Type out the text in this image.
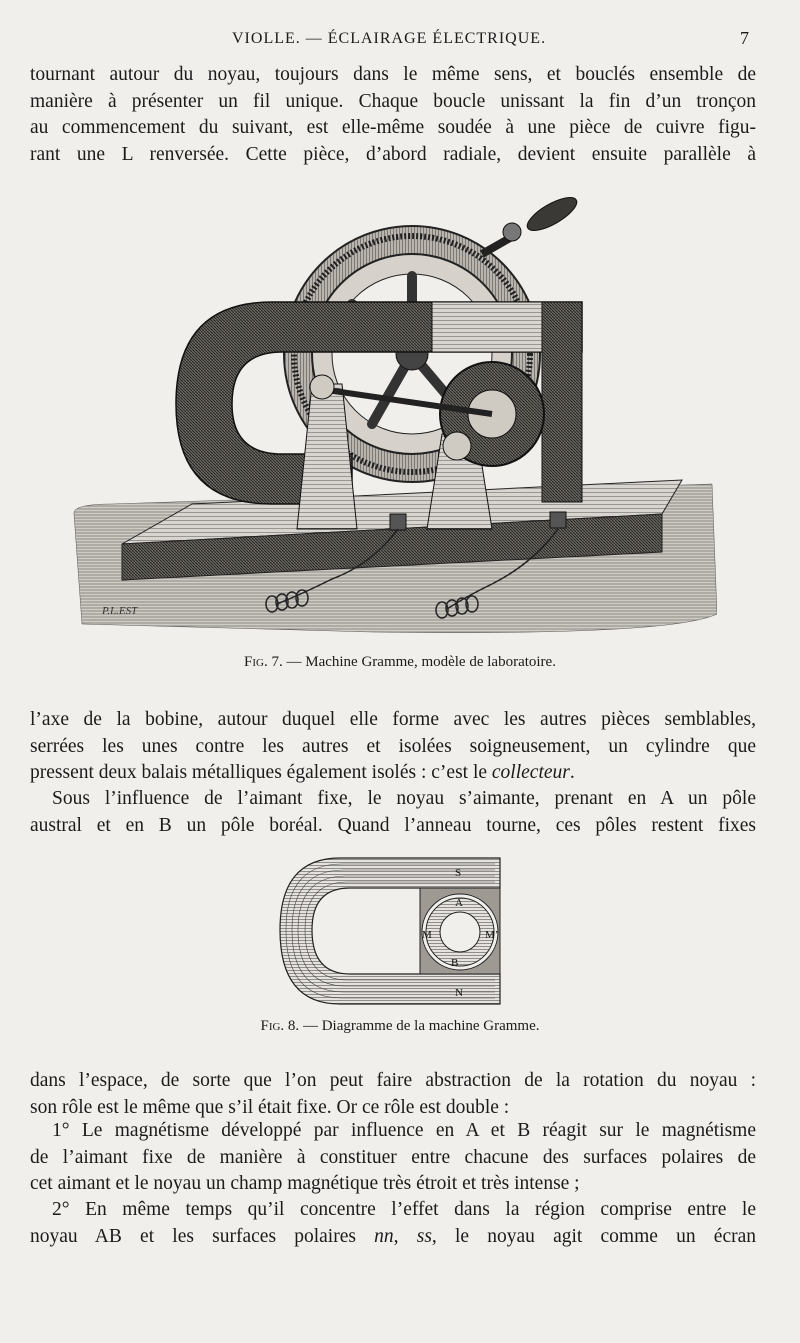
VIOLLE. — ÉCLAIRAGE ÉLECTRIQUE.	7
tournant autour du noyau, toujours dans le même sens, et bouclés ensemble de
manière à présenter un fil unique. Chaque boucle unissant la fin d’un tronçon
au commencement du suivant, est elle-même soudée à une pièce de cuivre figu-
rant une L renversée. Cette pièce, d’abord radiale, devient ensuite parallèle à
P.L.EST
Fig. 7. — Machine Gramme, modèle de laboratoire.
l’axe de la bobine, autour duquel elle forme avec les autres pièces semblables,
serrées les unes contre les autres et isolées soigneusement, un cylindre que
pressent deux balais métalliques également isolés : c’est le collecteur.
Sous l’influence de l’aimant fixe, le noyau s’aimante, prenant en A un pôle
austral et en B un pôle boréal. Quand l’anneau tourne, ces pôles restent fixes
S
A
M	M’
B
N
Fig. 8. — Diagramme de la machine Gramme.
dans l’espace, de sorte que l’on peut faire abstraction de la rotation du noyau :
son rôle est le même que s’il était fixe. Or ce rôle est double :
1° Le magnétisme développé par influence en A et B réagit sur le magnétisme
de l’aimant fixe de manière à constituer entre chacune des surfaces polaires de
cet aimant et le noyau un champ magnétique très étroit et très intense ;
2° En même temps qu’il concentre l’effet dans la région comprise entre le
noyau AB et les surfaces polaires nn, ss, le noyau agit comme un écran
